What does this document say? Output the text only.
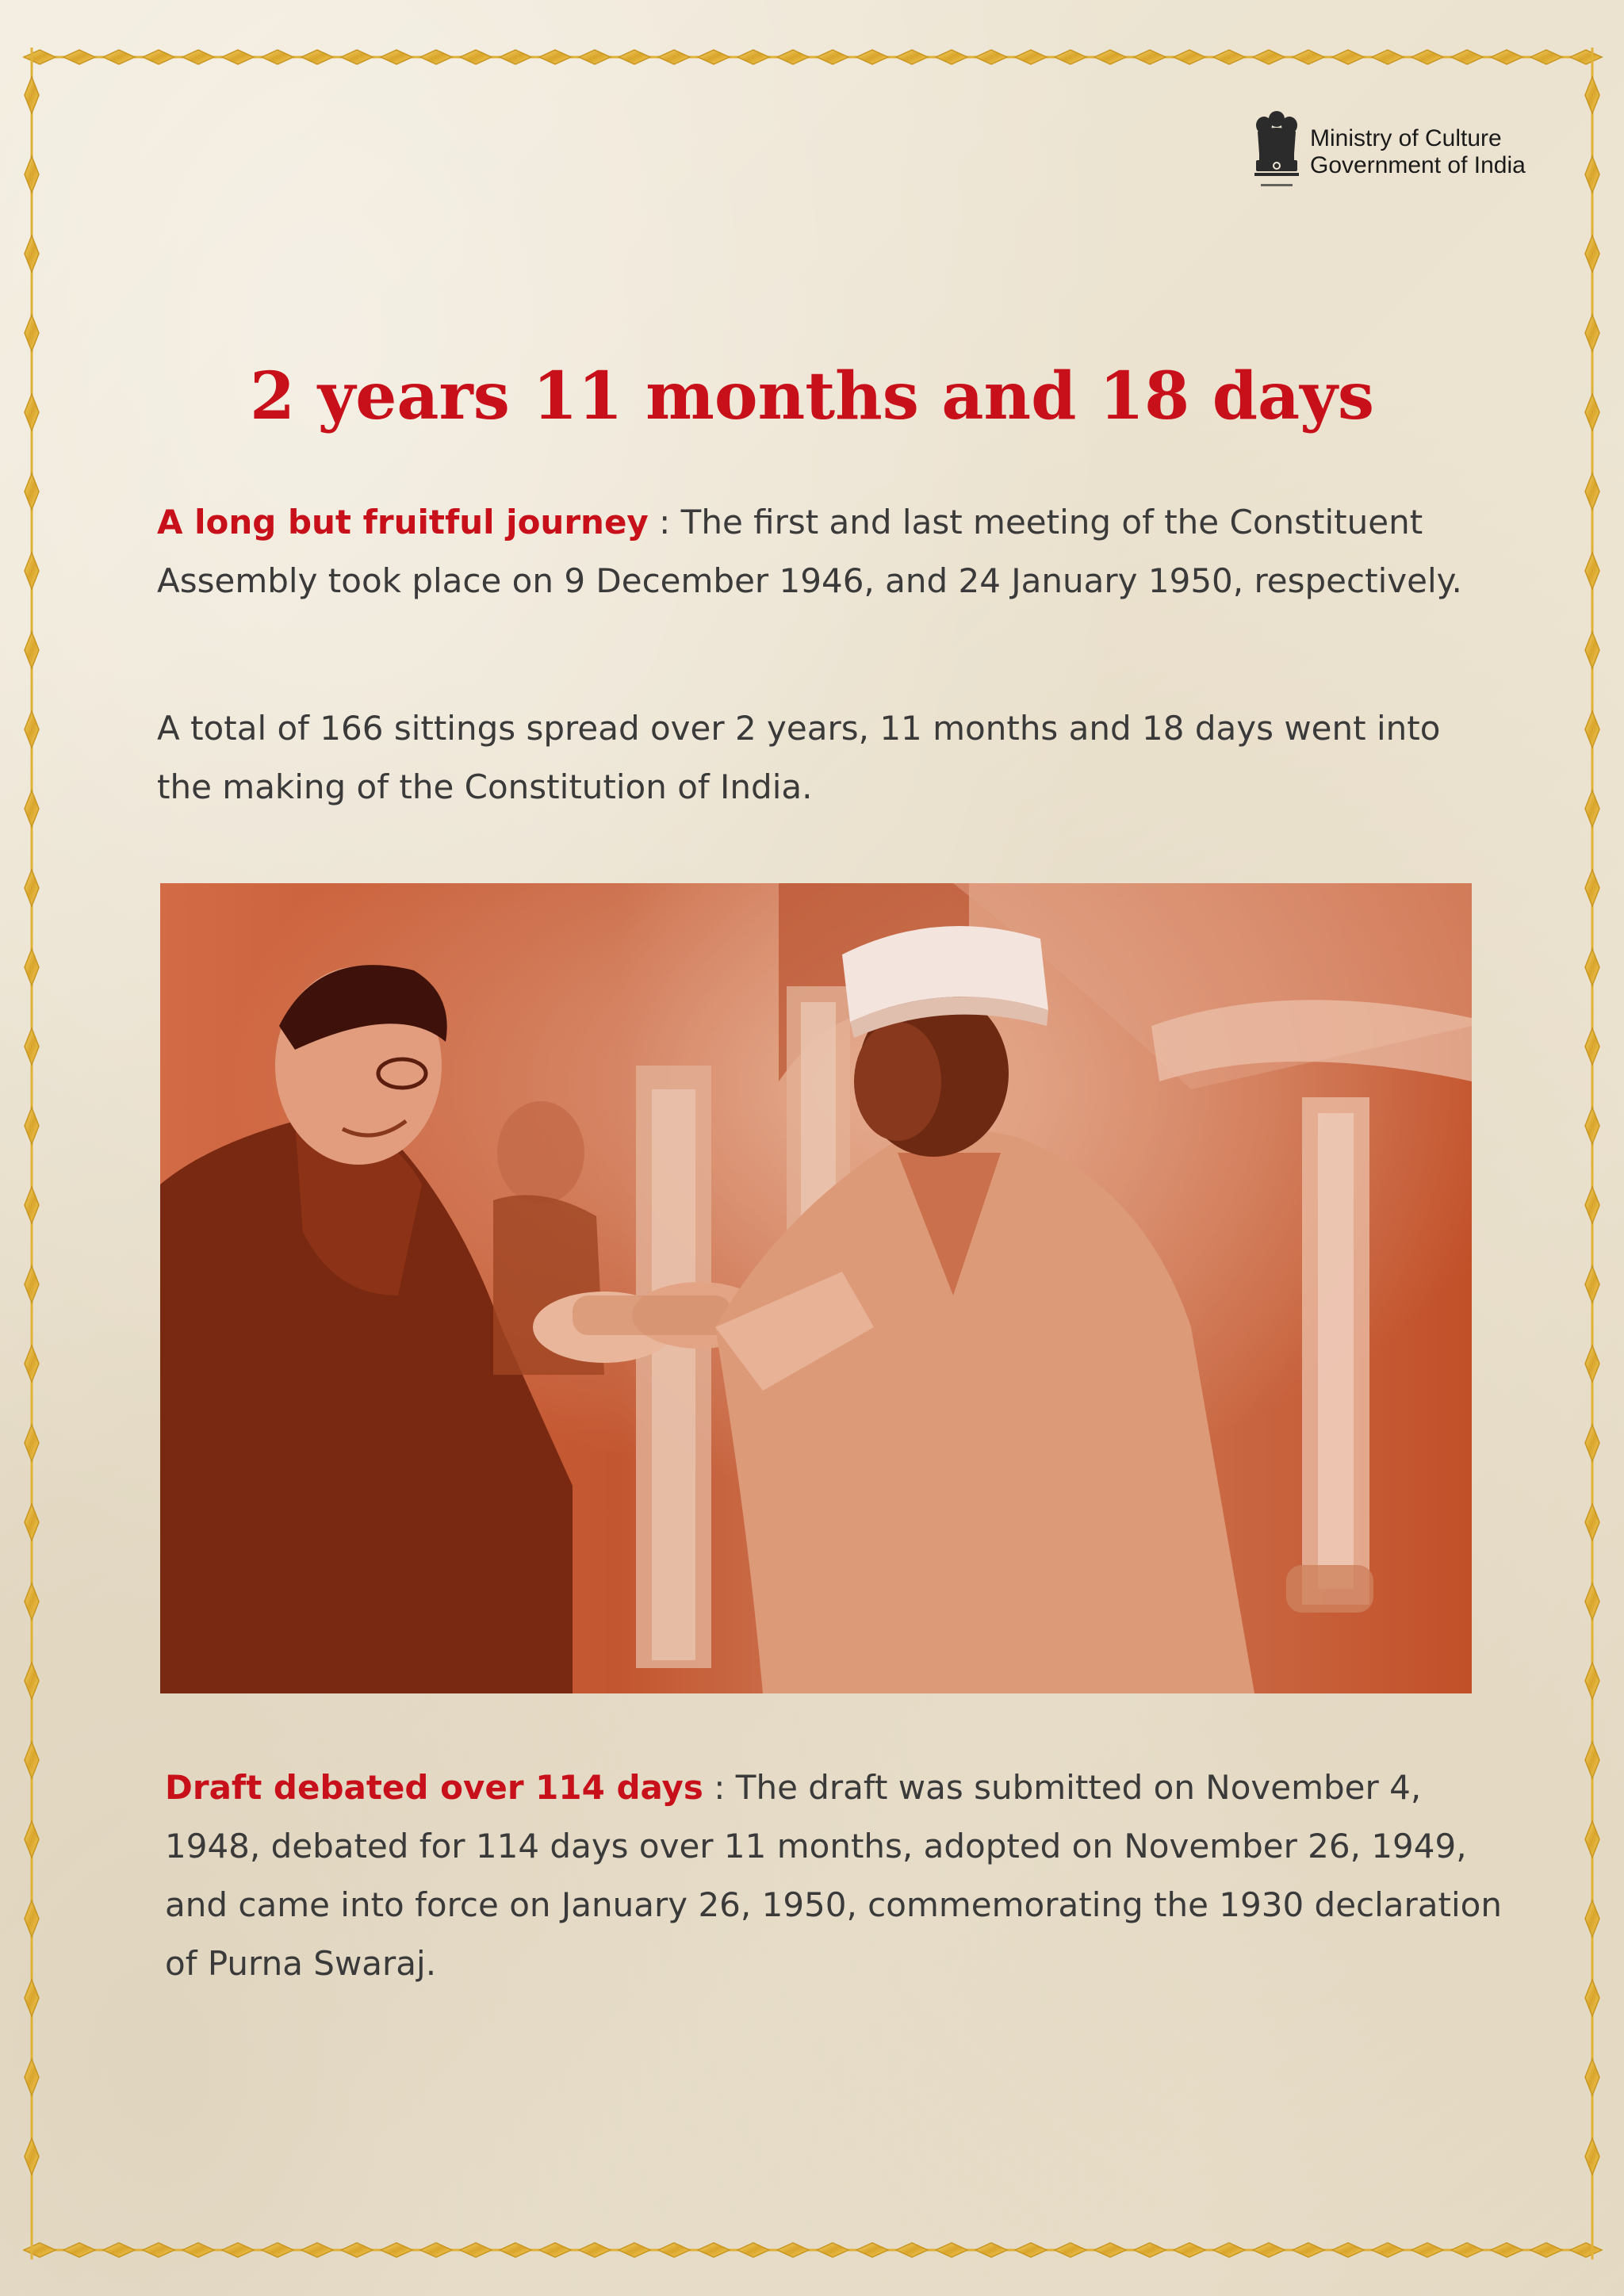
Ministry of Culture
Government of India
2 years 11 months and 18 days
A long but fruitful journey : The first and last meeting of the Constituent Assembly took place on 9 December 1946, and 24 January 1950, respectively.
A total of 166 sittings spread over 2 years, 11 months and 18 days went into the making of the Constitution of India.
Draft debated over 114 days : The draft was submitted on November 4, 1948, debated for 114 days over 11 months, adopted on November 26, 1949, and came into force on January 26, 1950, commemorating the 1930 declaration of Purna Swaraj.
